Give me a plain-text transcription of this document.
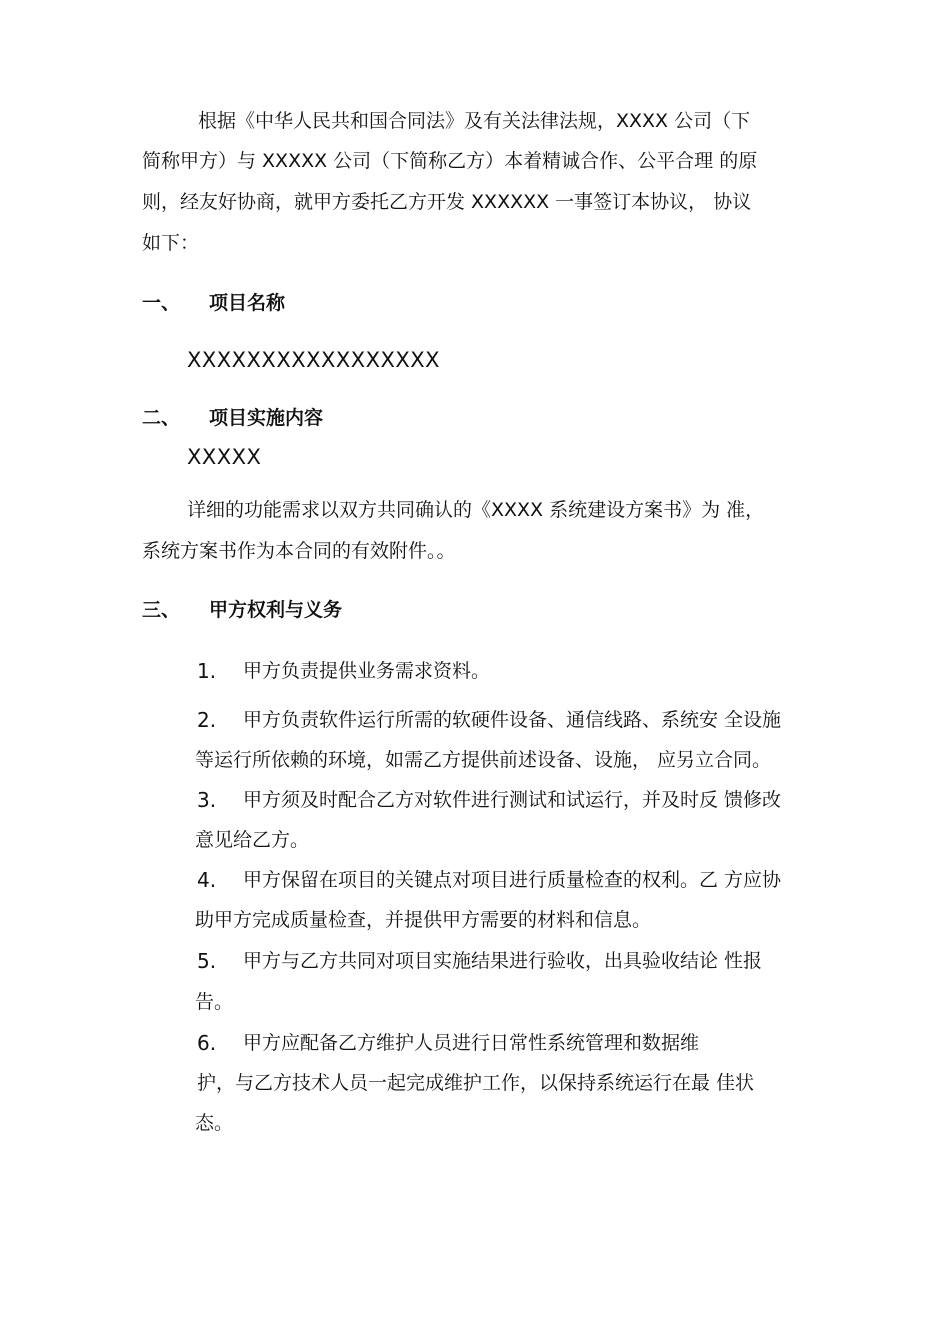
根据《中华人民共和国合同法》及有关法律法规，XXXX 公司（下
简称甲方）与 XXXXX 公司（下简称乙方）本着精诚合作、公平合理 的原
则，经友好协商，就甲方委托乙方开发 XXXXXX 一事签订本协议， 协议
如下：
一、 项目名称
XXXXXXXXXXXXXXXXX
二、 项目实施内容
XXXXX
详细的功能需求以双方共同确认的《XXXX 系统建设方案书》为 准，
系统方案书作为本合同的有效附件。。
三、 甲方权利与义务
1. 甲方负责提供业务需求资料。
2. 甲方负责软件运行所需的软硬件设备、通信线路、系统安 全设施
等运行所依赖的环境，如需乙方提供前述设备、设施， 应另立合同。
3. 甲方须及时配合乙方对软件进行测试和试运行，并及时反 馈修改
意见给乙方。
4. 甲方保留在项目的关键点对项目进行质量检查的权利。乙 方应协
助甲方完成质量检查，并提供甲方需要的材料和信息。
5. 甲方与乙方共同对项目实施结果进行验收，出具验收结论 性报
告。
6. 甲方应配备乙方维护人员进行日常性系统管理和数据维
护，与乙方技术人员一起完成维护工作，以保持系统运行在最 佳状
态。
